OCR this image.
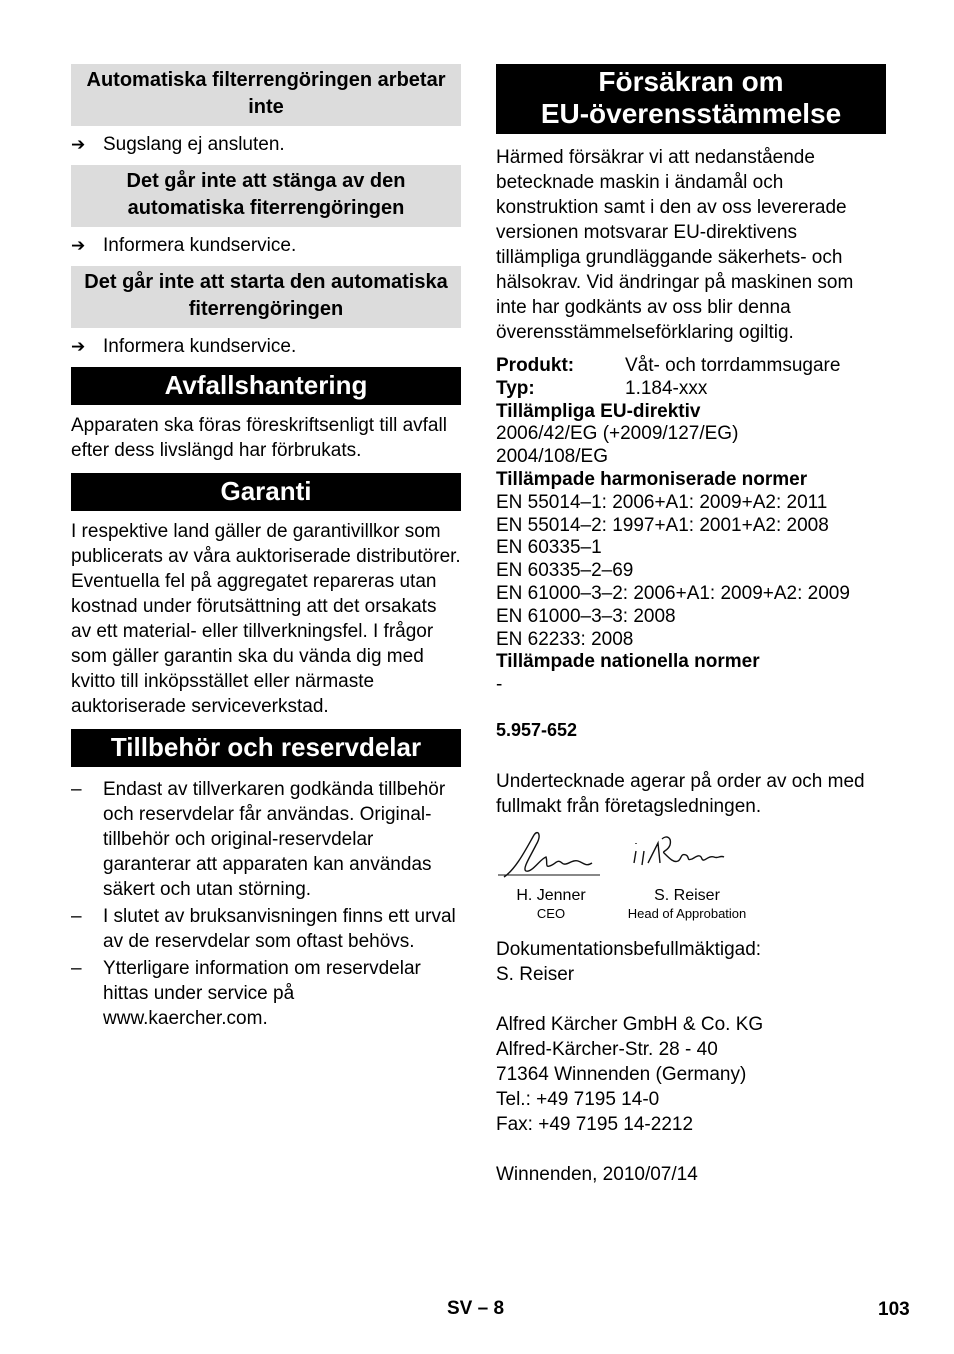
Automatiska filterrengöringen arbetar inte
➔ Sugslang ej ansluten.
Det går inte att stänga av den automatiska fiterrengöringen
➔ Informera kundservice.
Det går inte att starta den automatiska fiterrengöringen
➔ Informera kundservice.
Avfallshantering
Apparaten ska föras föreskriftsenligt till avfall efter dess livslängd har förbrukats.
Garanti
I respektive land gäller de garantivillkor som publicerats av våra auktoriserade distributörer. Eventuella fel på aggregatet repareras utan kostnad under förutsättning att det orsakats av ett material- eller tillverkningsfel. I frågor som gäller garantin ska du vända dig med kvitto till inköpsstället eller närmaste auktoriserade serviceverkstad.
Tillbehör och reservdelar
–	Endast av tillverkaren godkända tillbehör och reservdelar får användas. Original-tillbehör och original-reservdelar garanterar att apparaten kan användas säkert och utan störning.
–	I slutet av bruksanvisningen finns ett urval av de reservdelar som oftast behövs.
–	Ytterligare information om reservdelar hittas under service på www.kaercher.com.
Försäkran om
EU-överensstämmelse
Härmed försäkrar vi att nedanstående betecknade maskin i ändamål och konstruktion samt i den av oss levererade versionen motsvarar EU-direktivens tillämpliga grundläggande säkerhets- och hälsokrav. Vid ändringar på maskinen som inte har godkänts av oss blir denna överensstämmelseförklaring ogiltig.
Produkt:	Våt- och torrdammsugare
Typ:	1.184-xxx
Tillämpliga EU-direktiv
2006/42/EG (+2009/127/EG)
2004/108/EG
Tillämpade harmoniserade normer
EN 55014–1: 2006+A1: 2009+A2: 2011
EN 55014–2: 1997+A1: 2001+A2: 2008
EN 60335–1
EN 60335–2–69
EN 61000–3–2: 2006+A1: 2009+A2: 2009
EN 61000–3–3: 2008
EN 62233: 2008
Tillämpade nationella normer
-
5.957-652
Undertecknade agerar på order av och med fullmakt från företagsledningen.
H. Jenner
CEO
S. Reiser
Head of Approbation
Dokumentationsbefullmäktigad:
S. Reiser
Alfred Kärcher GmbH & Co. KG
Alfred-Kärcher-Str. 28 - 40
71364 Winnenden (Germany)
Tel.: +49 7195 14-0
Fax: +49 7195 14-2212
Winnenden, 2010/07/14
SV – 8	103
